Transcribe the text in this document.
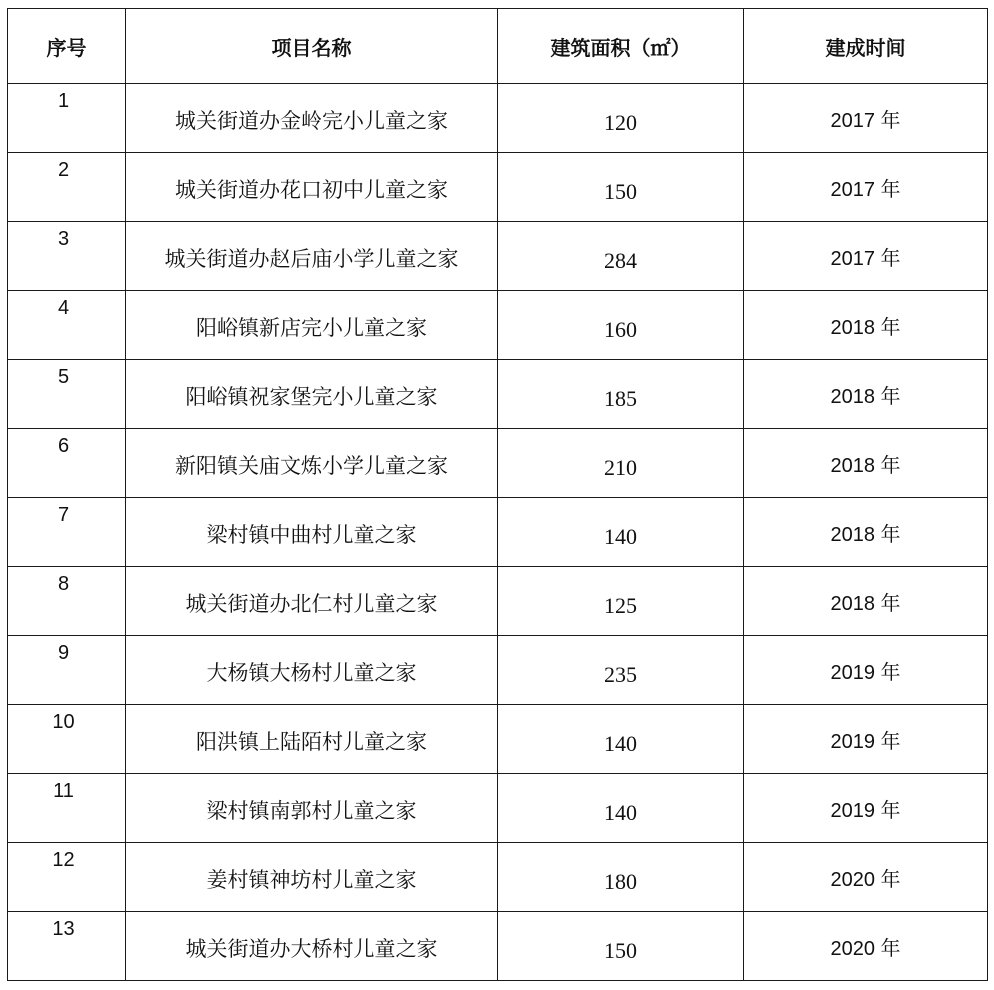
序号	项目名称	建筑面积（㎡）	建成时间
1	城关街道办金岭完小儿童之家	120	2017 年
2	城关街道办花口初中儿童之家	150	2017 年
3	城关街道办赵后庙小学儿童之家	284	2017 年
4	阳峪镇新店完小儿童之家	160	2018 年
5	阳峪镇祝家堡完小儿童之家	185	2018 年
6	新阳镇关庙文炼小学儿童之家	210	2018 年
7	梁村镇中曲村儿童之家	140	2018 年
8	城关街道办北仁村儿童之家	125	2018 年
9	大杨镇大杨村儿童之家	235	2019 年
10	阳洪镇上陆陌村儿童之家	140	2019 年
11	梁村镇南郭村儿童之家	140	2019 年
12	姜村镇神坊村儿童之家	180	2020 年
13	城关街道办大桥村儿童之家	150	2020 年
